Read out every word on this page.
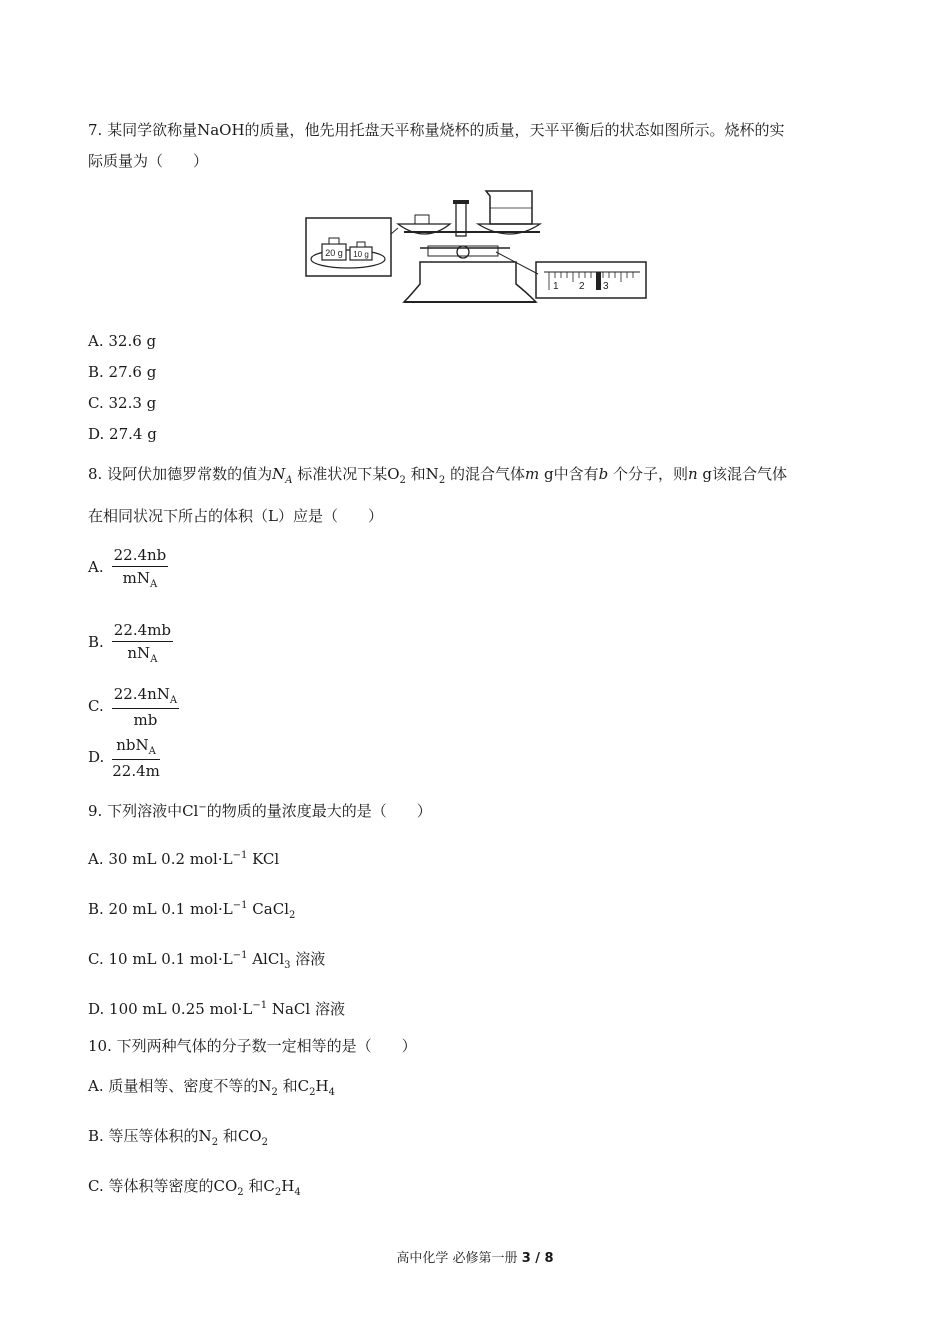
7. 某同学欲称量NaOH的质量，他先用托盘天平称量烧杯的质量，天平平衡后的状态如图所示。烧杯的实
际质量为（　　）
20 g 10 g
1 2 3
A. 32.6 g
B. 27.6 g
C. 32.3 g
D. 27.4 g
8. 设阿伏加德罗常数的值为$N_A$ 标准状况下某$O_2$ 和$N_2$ 的混合气体m g中含有b 个分子，则n g该混合气体
在相同状况下所占的体积（L）应是（　　）
A. $\frac{22.4nb}{mN_A}$
B. $\frac{22.4mb}{nN_A}$
C. $\frac{22.4nN_A}{mb}$
D. $\frac{nbN_A}{22.4m}$
9. 下列溶液中Cl−的物质的量浓度最大的是（　　）
A. 30 mL 0.2 $mol\cdot L^{-1}$ KCl
B. 20 mL 0.1 $mol\cdot L^{-1}$ CaCl$_2$
C. 10 mL 0.1 $mol\cdot L^{-1}$ AlCl$_3$ 溶液
D. 100 mL 0.25 $mol\cdot L^{-1}$ NaCl 溶液
10. 下列两种气体的分子数一定相等的是（　　）
A. 质量相等、密度不等的$N_2$ 和$C_2H_4$
B. 等压等体积的$N_2$ 和$CO_2$
C. 等体积等密度的$CO_2$ 和$C_2H_4$
高中化学 必修第一册 3 / 8
